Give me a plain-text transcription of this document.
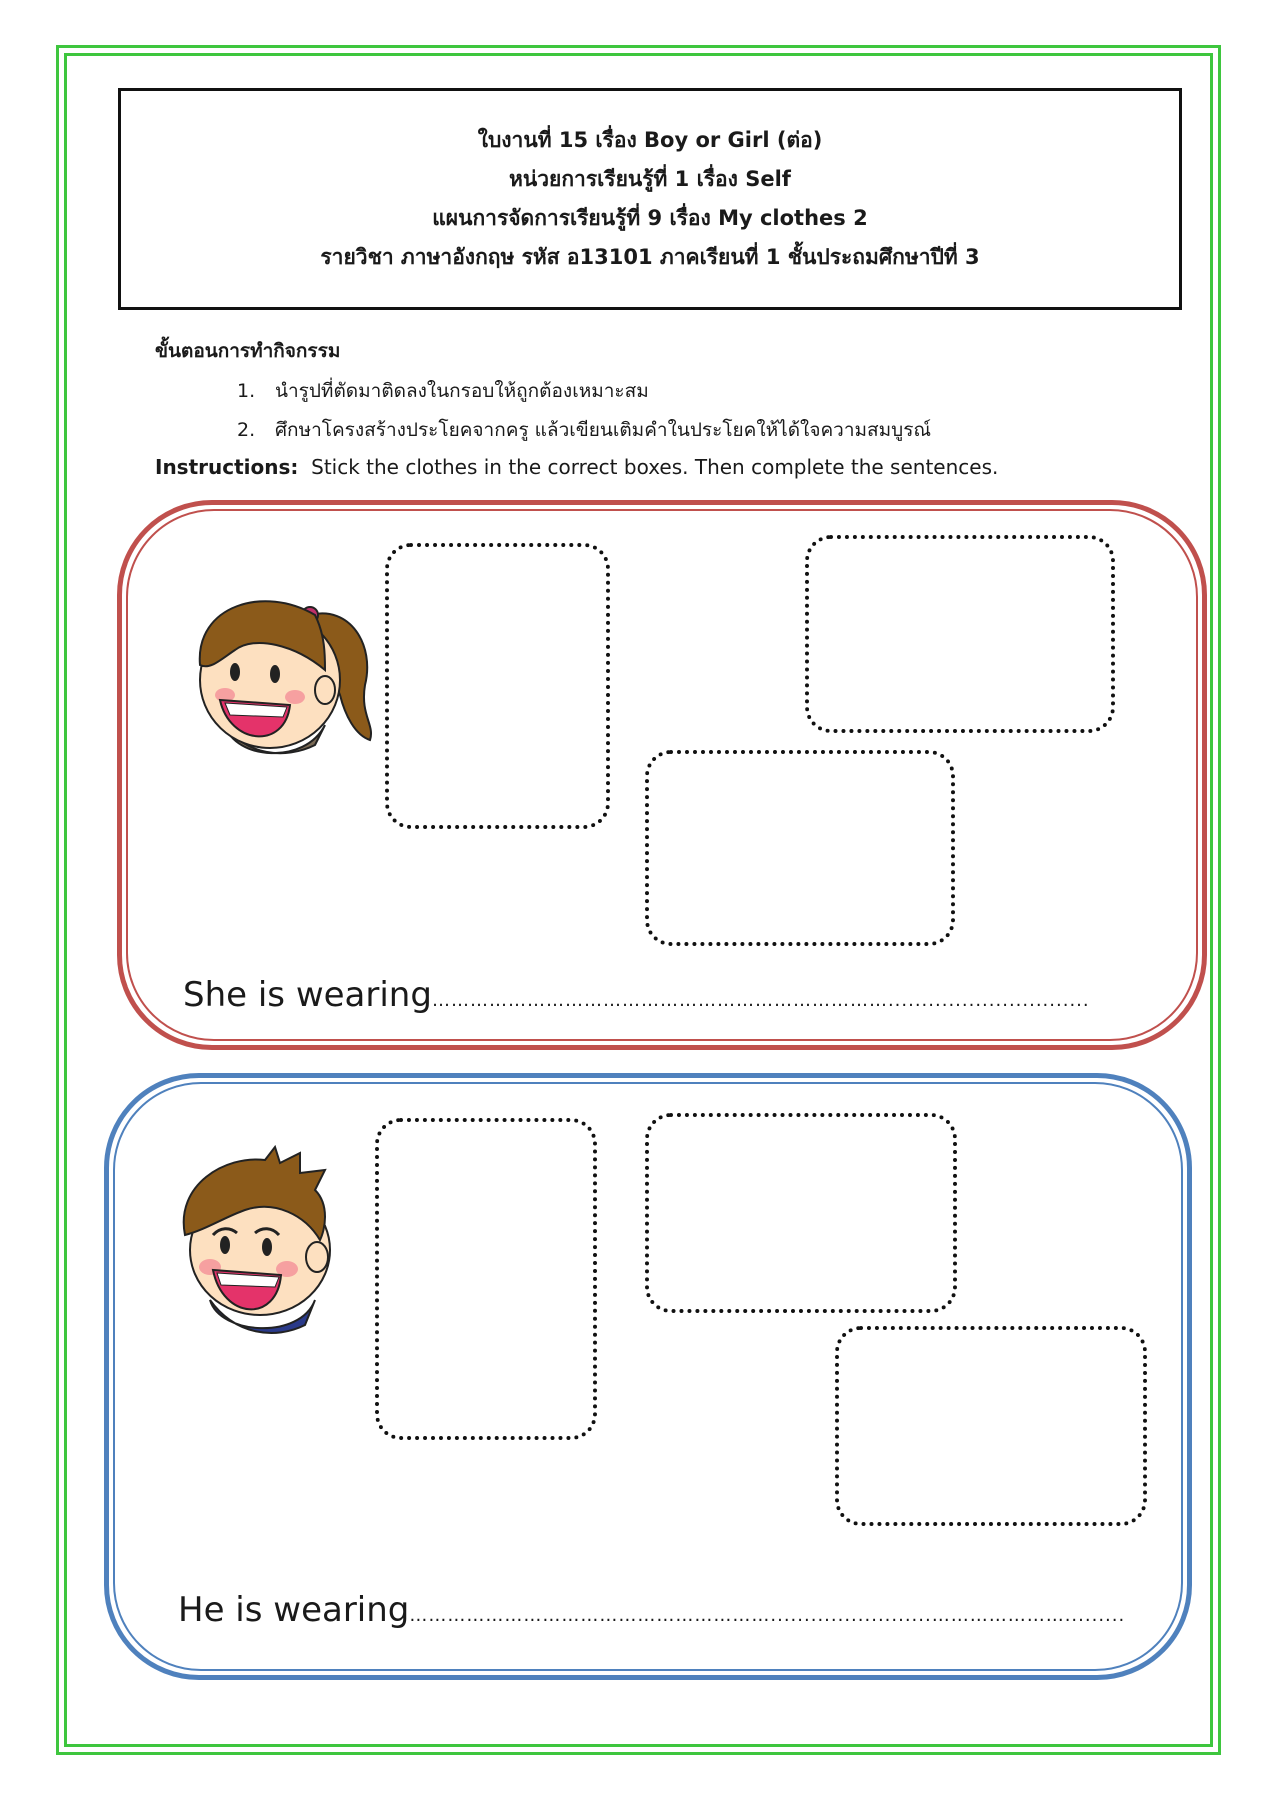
ใบงานที่ 15 เรื่อง Boy or Girl (ต่อ)
หน่วยการเรียนรู้ที่ 1 เรื่อง Self
แผนการจัดการเรียนรู้ที่ 9 เรื่อง My clothes 2
รายวิชา ภาษาอังกฤษ รหัส อ13101 ภาคเรียนที่ 1 ชั้นประถมศึกษาปีที่ 3
ขั้นตอนการทำกิจกรรม
1. นำรูปที่ตัดมาติดลงในกรอบให้ถูกต้องเหมาะสม
2. ศึกษาโครงสร้างประโยคจากครู แล้วเขียนเติมคำในประโยคให้ได้ใจความสมบูรณ์
Instructions: Stick the clothes in the correct boxes. Then complete the sentences.
She is wearing………………………………………………………………..............................
He is wearing…………………………………………………........................………………….........
